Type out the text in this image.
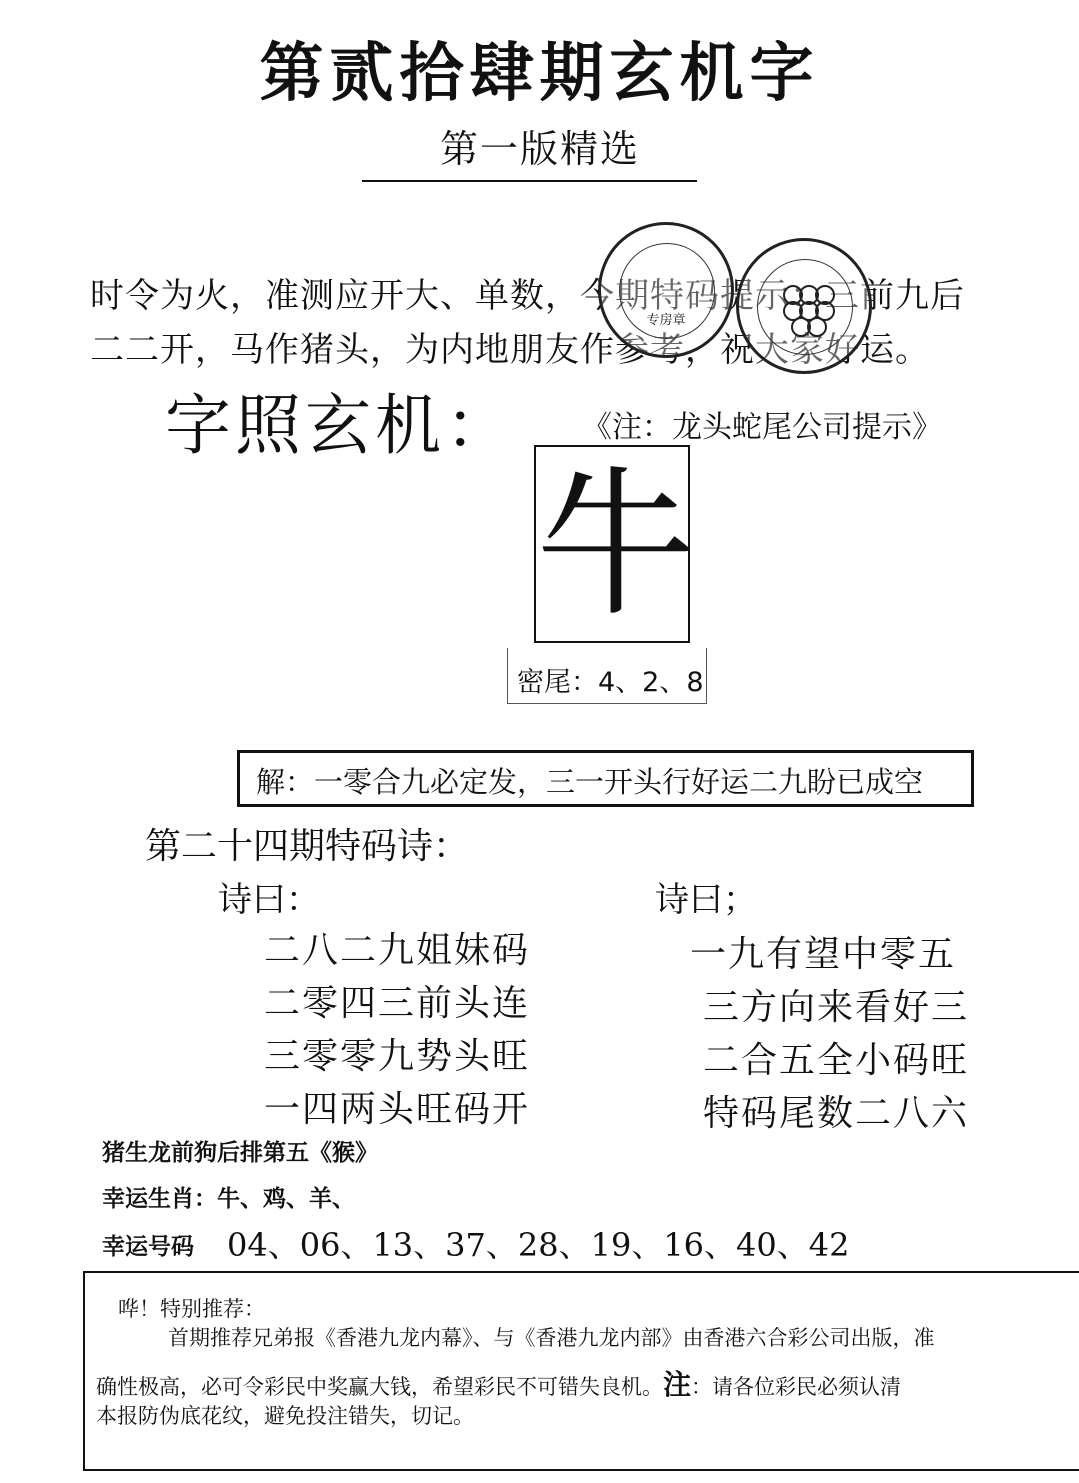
第贰拾肆期玄机字
第一版精选
时令为火，准测应开大、单数，今期特码提示：三前九后
二二开，马作猪头，为内地朋友作参考，祝大家好运。
专房章
字照玄机： 《注：龙头蛇尾公司提示》
牛
密尾：4、2、8
解：一零合九必定发，三一开头行好运二九盼已成空
第二十四期特码诗：
诗曰：	诗曰；
二八二九姐妹码
二零四三前头连
三零零九势头旺
一四两头旺码开
一九有望中零五
三方向来看好三
二合五全小码旺
特码尾数二八六
猪生龙前狗后排第五《猴》
幸运生肖：牛、鸡、羊、
幸运号码 04、06、13、37、28、19、16、40、42
哗！特别推荐：
首期推荐兄弟报《香港九龙内幕》、与《香港九龙内部》由香港六合彩公司出版，准
确性极高，必可令彩民中奖赢大钱，希望彩民不可错失良机。注：请各位彩民必须认清
本报防伪底花纹，避免投注错失，切记。
